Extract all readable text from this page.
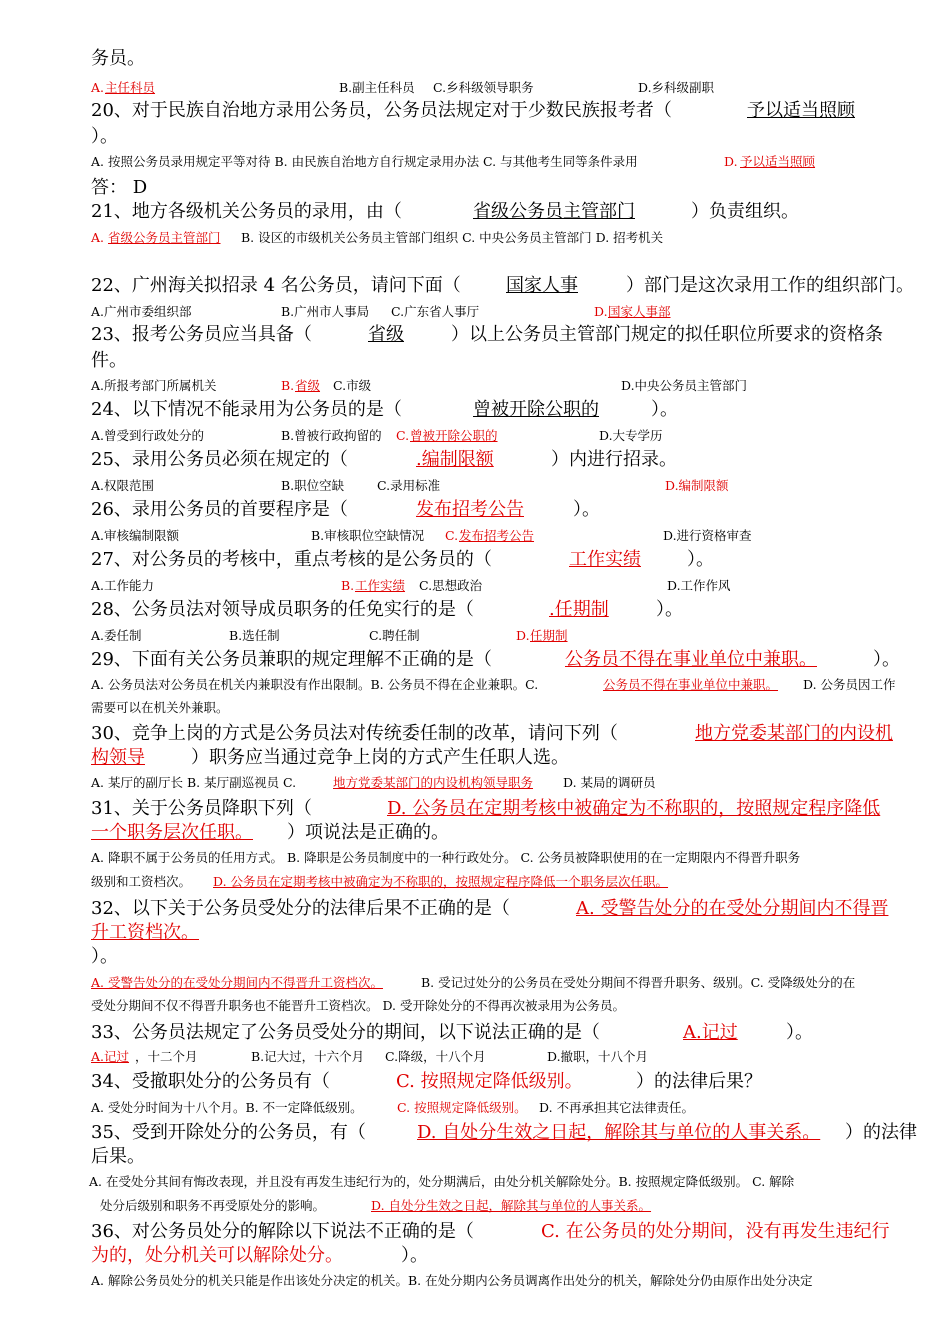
务员。
A. 主任科员	B.副主任科员 C.乡科级领导职务	D.乡科级副职
20、对于民族自治地方录用公务员，公务员法规定对于少数民族报考者（	予以适当照顾
）。
A. 按照公务员录用规定平等对待 B. 由民族自治地方自行规定录用办法 C. 与其他考生同等条件录用	D. 予以适当照顾
答： D
21、地方各级机关公务员的录用，由（	省级公务员主管部门	）负责组织。
A. 省级公务员主管部门 B. 设区的市级机关公务员主管部门组织 C. 中央公务员主管部门 D. 招考机关
22、广州海关拟招录 4 名公务员，请问下面（	国家人事	）部门是这次录用工作的组织部门。
A.广州市委组织部	B.广州市人事局 C.广东省人事厅	D. 国家人事部
23、报考公务员应当具备（	省级	）以上公务员主管部门规定的拟任职位所要求的资格条
件。
A.所报考部门所属机关	B. 省级 C.市级	D.中央公务员主管部门
24、以下情况不能录用为公务员的是（	曾被开除公职的	）。
A.曾受到行政处分的	B.曾被行政拘留的 C. 曾被开除公职的	D.大专学历
25、录用公务员必须在规定的（	.编制限额	）内进行招录。
A.权限范围	B.职位空缺	C.录用标准	D.编制限额
26、录用公务员的首要程序是（	发布招考公告	）。
A.审核编制限额	B.审核职位空缺情况 C. 发布招考公告	D.进行资格审查
27、对公务员的考核中，重点考核的是公务员的（	工作实绩	）。
A.工作能力	B. 工作实绩 C.思想政治	D.工作作风
28、公务员法对领导成员职务的任免实行的是（	.任期制	）。
A.委任制	B.选任制	C.聘任制	D. 任期制
29、下面有关公务员兼职的规定理解不正确的是（	公务员不得在事业单位中兼职。	）。
A. 公务员法对公务员在机关内兼职没有作出限制。B. 公务员不得在企业兼职。C.	公务员不得在事业单位中兼职。 D. 公务员因工作
需要可以在机关外兼职。
30、竞争上岗的方式是公务员法对传统委任制的改革，请问下列（	地方党委某部门的内设机
构领导	）职务应当通过竞争上岗的方式产生任职人选。
A. 某厅的副厅长 B. 某厅副巡视员 C.	地方党委某部门的内设机构领导职务 D. 某局的调研员
31、关于公务员降职下列（	D. 公务员在定期考核中被确定为不称职的，按照规定程序降低
一个职务层次任职。 ）项说法是正确的。
A. 降职不属于公务员的任用方式。 B. 降职是公务员制度中的一种行政处分。 C. 公务员被降职使用的在一定期限内不得晋升职务
级别和工资档次。 D. 公务员在定期考核中被确定为不称职的，按照规定程序降低一个职务层次任职。
32、以下关于公务员受处分的法律后果不正确的是（	A. 受警告处分的在受处分期间内不得晋
升工资档次。
）。
A. 受警告处分的在受处分期间内不得晋升工资档次。	B. 受记过处分的公务员在受处分期间不得晋升职务、级别。C. 受降级处分的在
受处分期间不仅不得晋升职务也不能晋升工资档次。 D. 受开除处分的不得再次被录用为公务员。
33、公务员法规定了公务员受处分的期间，以下说法正确的是（	A.记过	）。
A.记过 ，十二个月	B.记大过，十六个月 C.降级，十八个月	D.撤职，十八个月
34、受撤职处分的公务员有（	C. 按照规定降低级别。	）的法律后果？
A. 受处分时间为十八个月。B. 不一定降低级别。	C. 按照规定降低级别。 D. 不再承担其它法律责任。
35、受到开除处分的公务员，有（	D. 自处分生效之日起，解除其与单位的人事关系。 ）的法律
后果。
A. 在受处分其间有悔改表现，并且没有再发生违纪行为的，处分期满后，由处分机关解除处分。B. 按照规定降低级别。 C. 解除
处分后级别和职务不再受原处分的影响。	D. 自处分生效之日起，解除其与单位的人事关系。
36、对公务员处分的解除以下说法不正确的是（	C. 在公务员的处分期间，没有再发生违纪行
为的，处分机关可以解除处分。	）。
A. 解除公务员处分的机关只能是作出该处分决定的机关。B. 在处分期内公务员调离作出处分的机关，解除处分仍由原作出处分决定
